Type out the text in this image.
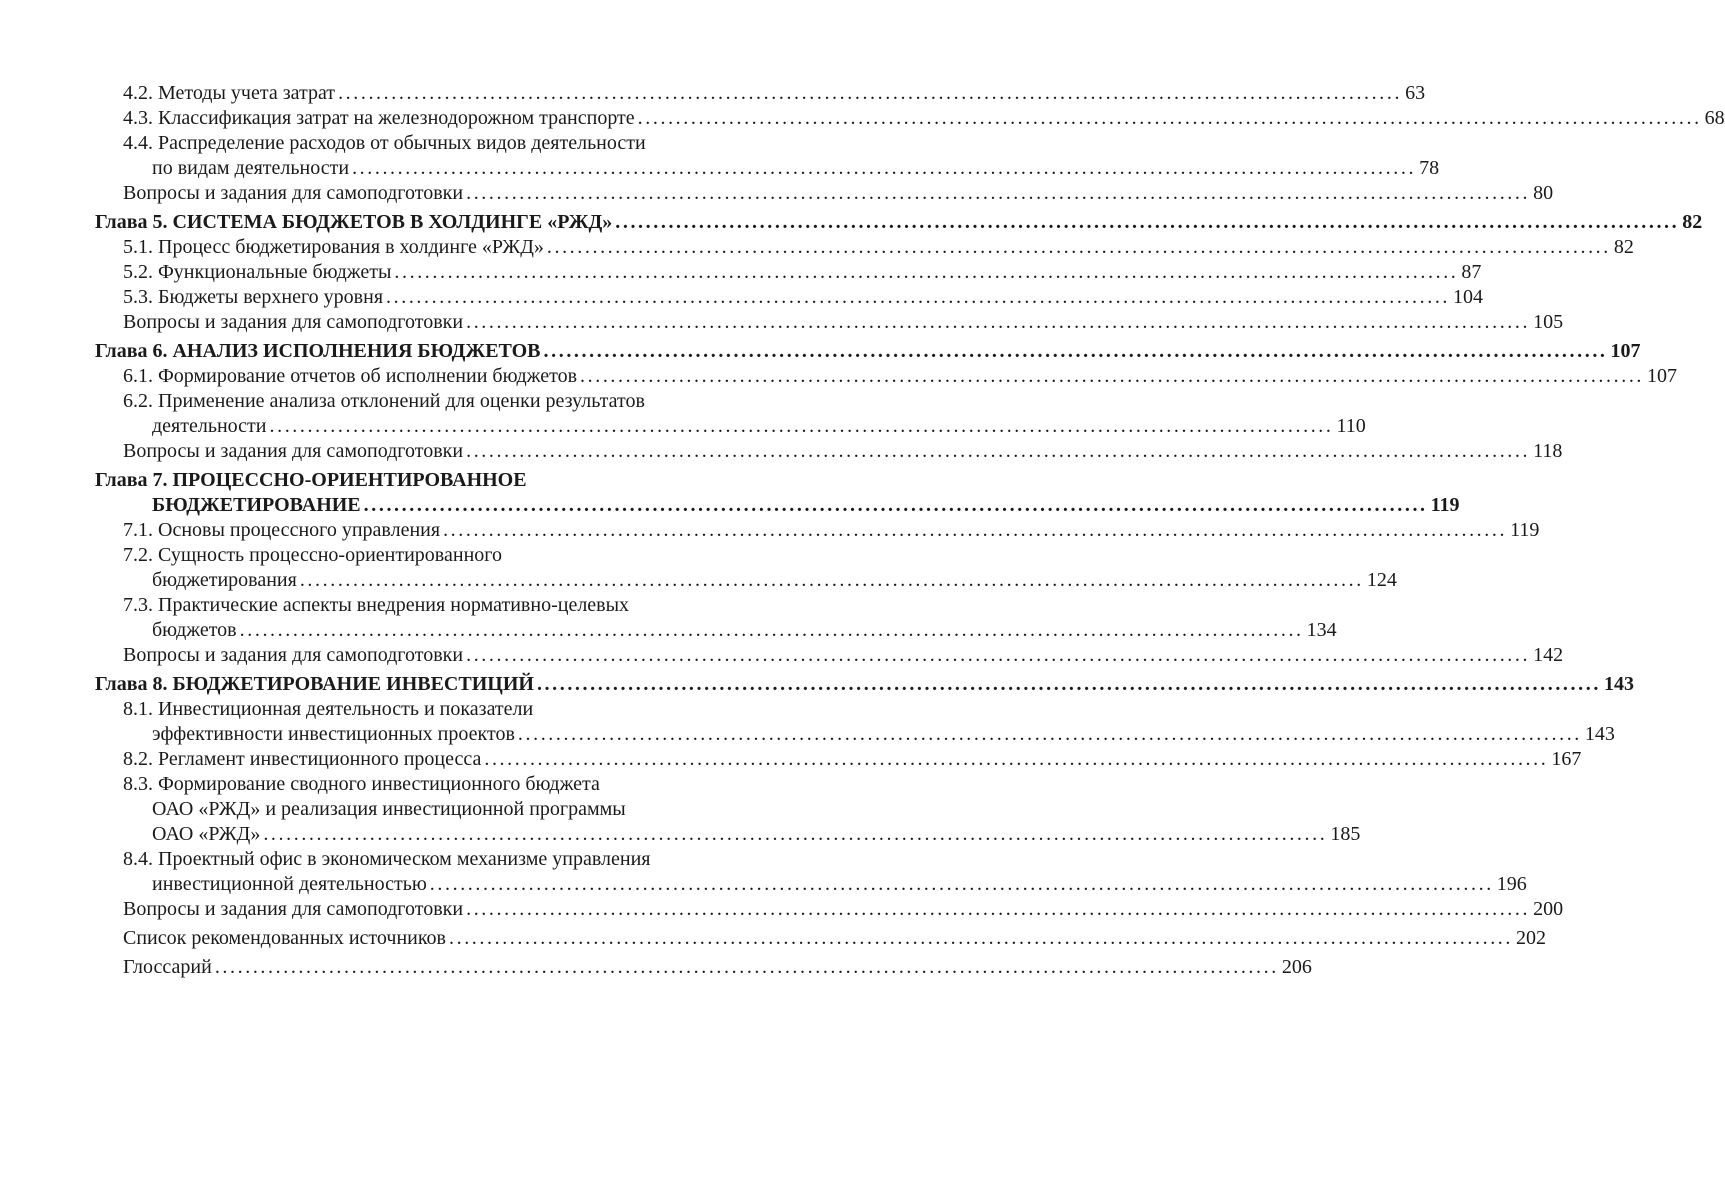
4.2. Методы учета затрат ............................................................................................................................................ 63
4.3. Классификация затрат на железнодорожном транспорте ............................................................................................................................................ 68
4.4. Распределение расходов от обычных видов деятельности
по видам деятельности ............................................................................................................................................ 78
Вопросы и задания для самоподготовки ............................................................................................................................................ 80
Глава 5. СИСТЕМА БЮДЖЕТОВ В ХОЛДИНГЕ «РЖД» ............................................................................................................................................ 82
5.1. Процесс бюджетирования в холдинге «РЖД» ............................................................................................................................................ 82
5.2. Функциональные бюджеты ............................................................................................................................................ 87
5.3. Бюджеты верхнего уровня ............................................................................................................................................ 104
Вопросы и задания для самоподготовки ............................................................................................................................................ 105
Глава 6. АНАЛИЗ ИСПОЛНЕНИЯ БЮДЖЕТОВ ............................................................................................................................................ 107
6.1. Формирование отчетов об исполнении бюджетов ............................................................................................................................................ 107
6.2. Применение анализа отклонений для оценки результатов
деятельности ............................................................................................................................................ 110
Вопросы и задания для самоподготовки ............................................................................................................................................ 118
Глава 7. ПРОЦЕССНО-ОРИЕНТИРОВАННОЕ
БЮДЖЕТИРОВАНИЕ ............................................................................................................................................ 119
7.1. Основы процессного управления ............................................................................................................................................ 119
7.2. Сущность процессно-ориентированного
бюджетирования ............................................................................................................................................ 124
7.3. Практические аспекты внедрения нормативно-целевых
бюджетов ............................................................................................................................................ 134
Вопросы и задания для самоподготовки ............................................................................................................................................ 142
Глава 8. БЮДЖЕТИРОВАНИЕ ИНВЕСТИЦИЙ ............................................................................................................................................ 143
8.1. Инвестиционная деятельность и показатели
эффективности инвестиционных проектов ............................................................................................................................................ 143
8.2. Регламент инвестиционного процесса ............................................................................................................................................ 167
8.3. Формирование сводного инвестиционного бюджета
ОАО «РЖД» и реализация инвестиционной программы
ОАО «РЖД» ............................................................................................................................................ 185
8.4. Проектный офис в экономическом механизме управления
инвестиционной деятельностью ............................................................................................................................................ 196
Вопросы и задания для самоподготовки ............................................................................................................................................ 200
Список рекомендованных источников ............................................................................................................................................ 202
Глоссарий ............................................................................................................................................ 206
